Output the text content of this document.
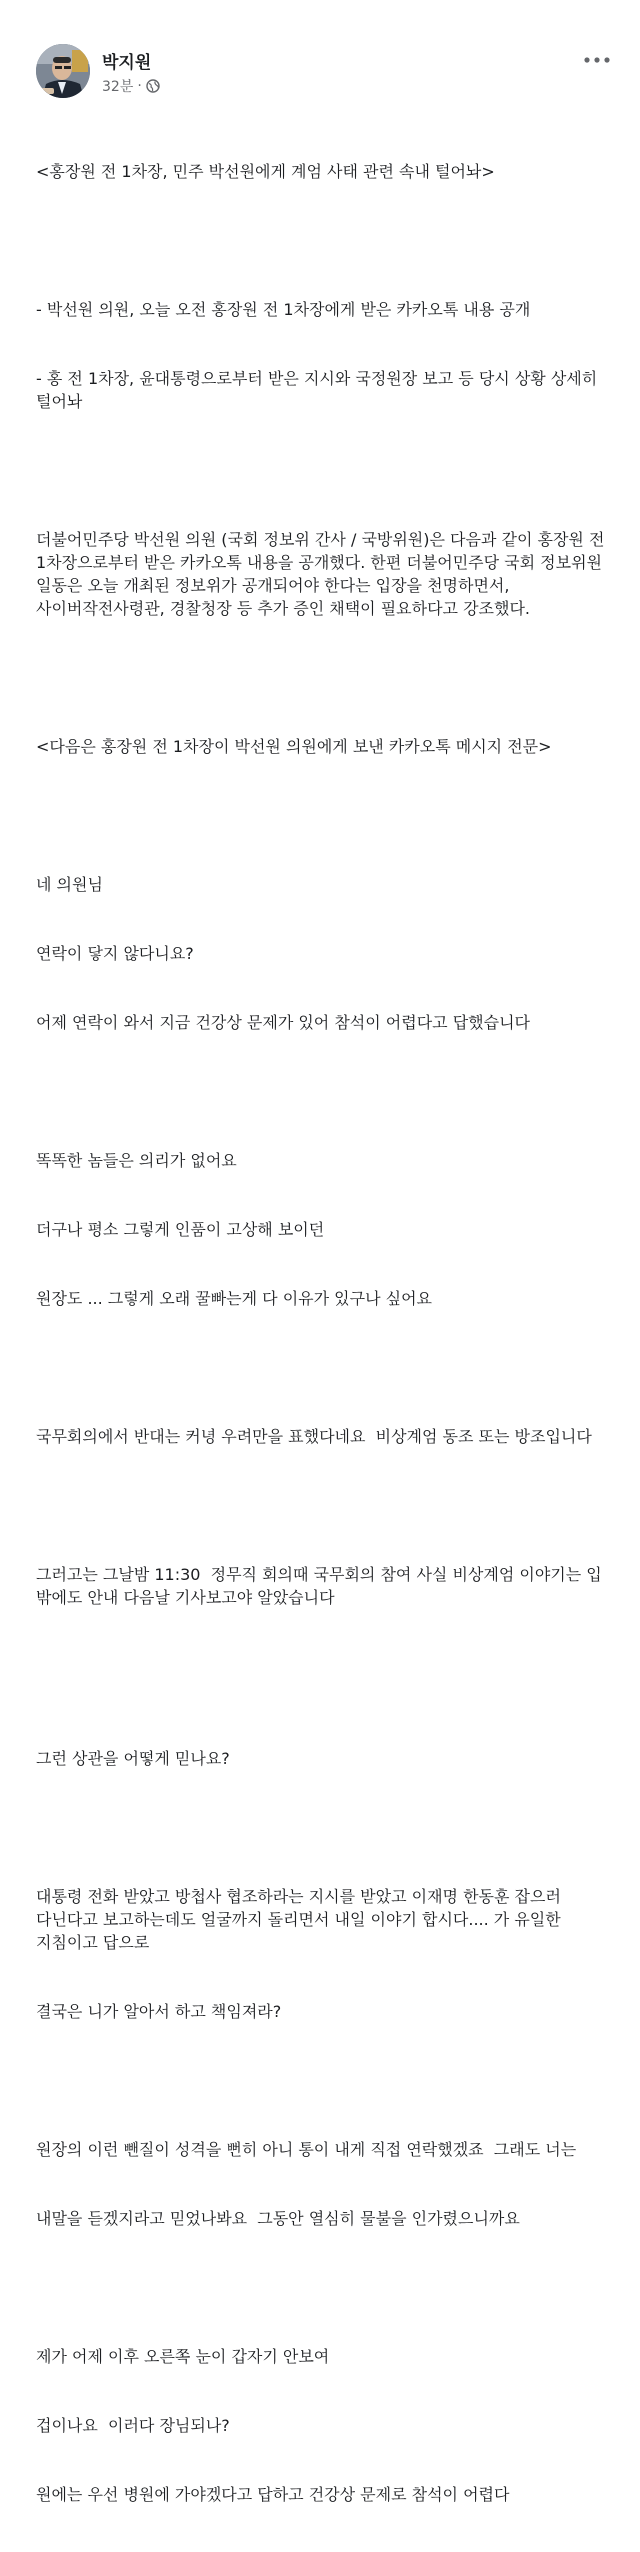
박지원
32분 ·

<홍장원 전 1차장, 민주 박선원에게 계엄 사태 관련 속내 털어놔>

- 박선원 의원, 오늘 오전 홍장원 전 1차장에게 받은 카카오톡 내용 공개

- 홍 전 1차장, 윤대통령으로부터 받은 지시와 국정원장 보고 등 당시 상황 상세히 털어놔

더불어민주당 박선원 의원 (국회 정보위 간사 / 국방위원)은 다음과 같이 홍장원 전 1차장으로부터 받은 카카오톡 내용을 공개했다. 한편 더불어민주당 국회 정보위원 일동은 오늘 개최된 정보위가 공개되어야 한다는 입장을 천명하면서, 사이버작전사령관, 경찰청장 등 추가 증인 채택이 필요하다고 강조했다.

<다음은 홍장원 전 1차장이 박선원 의원에게 보낸 카카오톡 메시지 전문>

네 의원님

연락이 닿지 않다니요?

어제 연락이 와서 지금 건강상 문제가 있어 참석이 어렵다고 답했습니다

똑똑한 놈들은 의리가 없어요

더구나 평소 그렇게 인품이 고상해 보이던

원장도 ... 그렇게 오래 꿀빠는게 다 이유가 있구나 싶어요

국무회의에서 반대는 커녕 우려만을 표했다네요  비상계엄 동조 또는 방조입니다

그러고는 그날밤 11:30  정무직 회의때 국무회의 참여 사실 비상계엄 이야기는 입 밖에도 안내 다음날 기사보고야 알았습니다

그런 상관을 어떻게 믿나요?

대통령 전화 받았고 방첩사 협조하라는 지시를 받았고 이재명 한동훈 잡으러 다닌다고 보고하는데도 얼굴까지 돌리면서 내일 이야기 합시다.... 가 유일한 지침이고 답으로

결국은 니가 알아서 하고 책임져라?

원장의 이런 뺀질이 성격을 뻔히 아니 통이 내게 직접 연락했겠죠  그래도 너는

내말을 듣겠지라고 믿었나봐요  그동안 열심히 물불을 인가렸으니까요

제가 어제 이후 오른쪽 눈이 갑자기 안보여

겁이나요  이러다 장님되나?

원에는 우선 병원에 가야겠다고 답하고 건강상 문제로 참석이 어렵다
